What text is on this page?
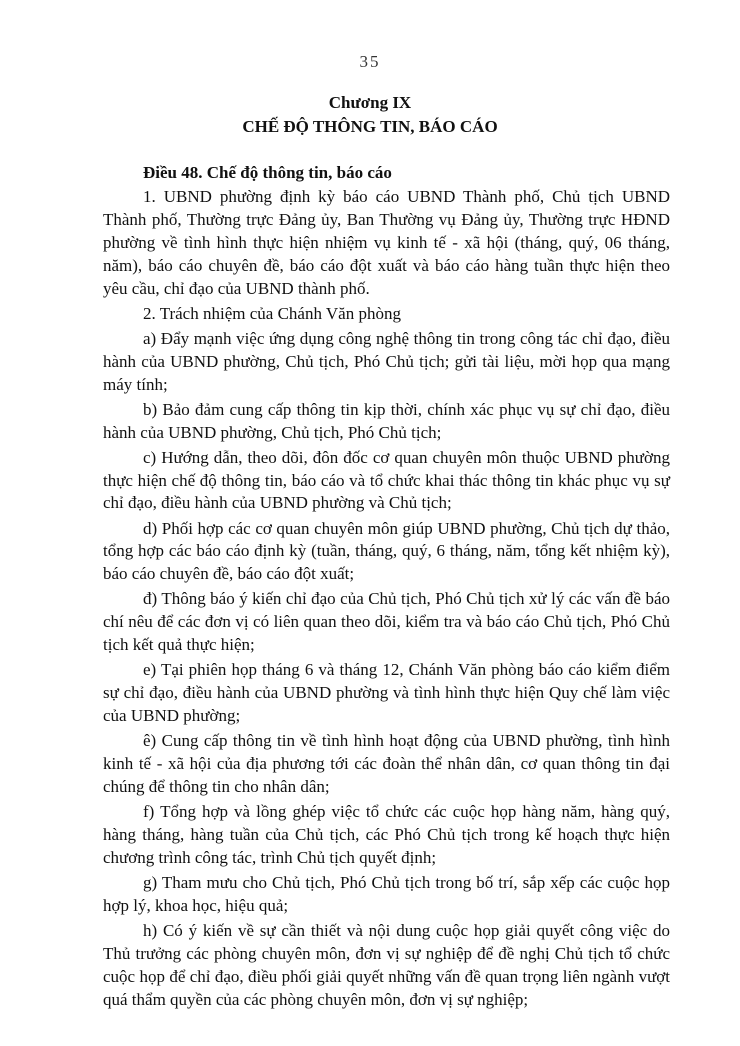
35
Chương IX
CHẾ ĐỘ THÔNG TIN, BÁO CÁO

Điều 48. Chế độ thông tin, báo cáo

1. UBND phường định kỳ báo cáo UBND Thành phố, Chủ tịch UBND Thành phố, Thường trực Đảng ủy, Ban Thường vụ Đảng ủy, Thường trực HĐND phường về tình hình thực hiện nhiệm vụ kinh tế - xã hội (tháng, quý, 06 tháng, năm), báo cáo chuyên đề, báo cáo đột xuất và báo cáo hàng tuần thực hiện theo yêu cầu, chỉ đạo của UBND thành phố.

2. Trách nhiệm của Chánh Văn phòng

a) Đẩy mạnh việc ứng dụng công nghệ thông tin trong công tác chỉ đạo, điều hành của UBND phường, Chủ tịch, Phó Chủ tịch; gửi tài liệu, mời họp qua mạng máy tính;

b) Bảo đảm cung cấp thông tin kịp thời, chính xác phục vụ sự chỉ đạo, điều hành của UBND phường, Chủ tịch, Phó Chủ tịch;

c) Hướng dẫn, theo dõi, đôn đốc cơ quan chuyên môn thuộc UBND phường thực hiện chế độ thông tin, báo cáo và tổ chức khai thác thông tin khác phục vụ sự chỉ đạo, điều hành của UBND phường và Chủ tịch;

d) Phối hợp các cơ quan chuyên môn giúp UBND phường, Chủ tịch dự thảo, tổng hợp các báo cáo định kỳ (tuần, tháng, quý, 6 tháng, năm, tổng kết nhiệm kỳ), báo cáo chuyên đề, báo cáo đột xuất;

đ) Thông báo ý kiến chỉ đạo của Chủ tịch, Phó Chủ tịch xử lý các vấn đề báo chí nêu để các đơn vị có liên quan theo dõi, kiểm tra và báo cáo Chủ tịch, Phó Chủ tịch kết quả thực hiện;

e) Tại phiên họp tháng 6 và tháng 12, Chánh Văn phòng báo cáo kiểm điểm sự chỉ đạo, điều hành của UBND phường và tình hình thực hiện Quy chế làm việc của UBND phường;

ê) Cung cấp thông tin về tình hình hoạt động của UBND phường, tình hình kinh tế - xã hội của địa phương tới các đoàn thể nhân dân, cơ quan thông tin đại chúng để thông tin cho nhân dân;

f) Tổng hợp và lồng ghép việc tổ chức các cuộc họp hàng năm, hàng quý, hàng tháng, hàng tuần của Chủ tịch, các Phó Chủ tịch trong kế hoạch thực hiện chương trình công tác, trình Chủ tịch quyết định;

g) Tham mưu cho Chủ tịch, Phó Chủ tịch trong bố trí, sắp xếp các cuộc họp hợp lý, khoa học, hiệu quả;

h) Có ý kiến về sự cần thiết và nội dung cuộc họp giải quyết công việc do Thủ trưởng các phòng chuyên môn, đơn vị sự nghiệp để đề nghị Chủ tịch tổ chức cuộc họp để chỉ đạo, điều phối giải quyết những vấn đề quan trọng liên ngành vượt quá thẩm quyền của các phòng chuyên môn, đơn vị sự nghiệp;
